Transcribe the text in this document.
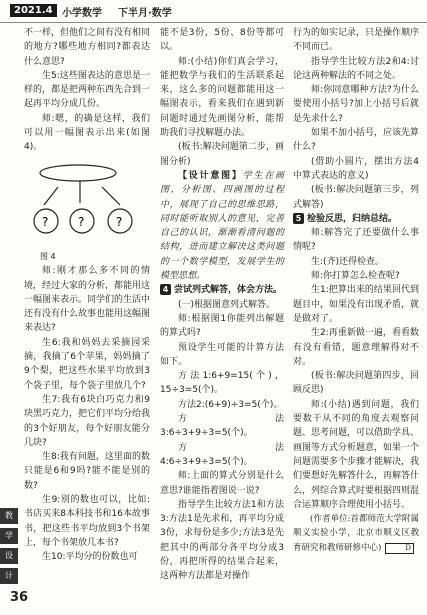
2021.4 小学数学 下半月·数学

不一样，但他们之间有没有相同的地方?哪些地方相同?都表达什么意思?

生5:这些图表达的意思是一样的，都是把两种东西先合到一起再平均分成几份。

师:嗯，的确是这样，我们可以用一幅图表示出来(如图4)。

? ?	?

图 4

师:刚才那么多不同的情境，经过大家的分析，都能用这一幅图来表示。同学们的生活中还有没有什么故事也能用这幅图来表达?

生6:我和妈妈去采摘园采摘，我摘了6个苹果，妈妈摘了9个梨，把这些水果平均放到3个袋子里，每个袋子里放几个?

生7:我有6块白巧克力和9块黑巧克力，把它们平均分给我的3个好朋友，每个好朋友能分几块?

生8:我有问题，这里面的数只能是6和9吗?能不能是别的数?

生9:别的数也可以，比如:书店买来8本科技书和16本故事书，把这些书平均放到3个书架上，每个书架放几本书?

生10:平均分的份数也可

能不是3份，5份、8份等都可以。

师:(小结)你们真会学习，能把数学与我们的生活联系起来，这么多的问题都能用这一幅图表示，看来我们在遇到新问题时通过先画图分析，能帮助我们寻找解题办法。

(板书:解决问题第二步，画图分析)

【设计意图】学生在画图、分析图、四画图的过程中，展现了自己的思维思路，同时能听取别人的意见，完善自己的认识，渐渐看清问题的结构，进而建立解决这类问题的一个数学模型，发展学生的模型思想。

4 尝试列式解答，体会方法。

(一)根据图意列式解答。

师:根据图1你能列出解题的算式吗?

预设学生可能的计算方法如下。

方法1:6+9=15(个)，15÷3=5(个)。

方法2:(6+9)÷3=5(个)。

方法3:6÷3+9÷3=5(个)。

方法4:6÷3+9÷3=5(个)。

师:上面的算式分别是什么意思?谁能指着图说一说?

指导学生比较方法1和方法3:方法1是先求和，再平均分成3份，求每份是多少;方法3是先把其中的两部分各平均分成3份，再把所得的结果合起来，这两种方法都是对操作

行为的如实记录，只是操作顺序不同而已。

指导学生比较方法2和4:讨论这两种解法的不同之处。

师:你同意哪种方法?为什么要使用小括号?加上小括号后就是先求什么?

如果不加小括号，应该先算什么?

(借助小圆片，摆出方法4中算式表达的意义)

(板书:解决问题第三步，列式解答)

5 检验反思，归纳总结。

师:解答完了还要做什么事情呢?

生:(齐)还得检查。

师:你打算怎么检查呢?

生1:把算出来的结果回代到题目中，如果没有出现矛盾，就是做对了。

生2:再重新做一遍，看看数有没有看错，题意理解得对不对。

(板书:解决问题第四步，回顾反思)

师:(小结)遇到问题，我们要数干从不同的角度去观察问题、思考问题，可以借助学具、画图等方式分析题意，如果一个问题需要多个步骤才能解决，我们要想好先解答什么，再解答什么，列综合算式时要根据四则混合运算顺序合理使用小括号。

(作者单位:首都师范大学附属顺义实验小学，北京市顺义区教育研究和教师研修中心)	D

教
学
设
计
36
